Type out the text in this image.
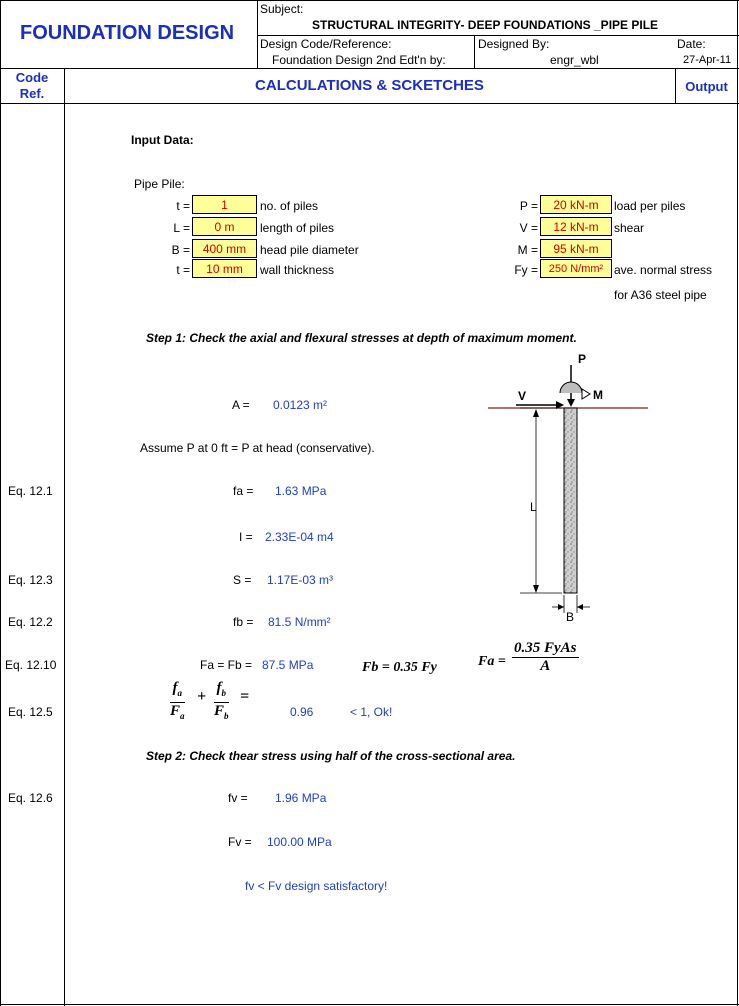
FOUNDATION DESIGN
Subject:
STRUCTURAL INTEGRITY- DEEP FOUNDATIONS _PIPE PILE
Design Code/Reference:
Foundation Design 2nd Edt'n by:
Designed By:
engr_wbl
Date:
27-Apr-11
Code
Ref.	CALCULATIONS & SCKETCHES	Output
Input Data:
Pipe Pile:
t =	1	no. of piles
L =	0 m	length of piles
B =	400 mm	head pile diameter
t =	10 mm	wall thickness
P =	20 kN-m	load per piles
V =	12 kN-m	shear
M =	95 kN-m
Fy = 250 N/mm² ave. normal stress
for A36 steel pipe
Step 1: Check the axial and flexural stresses at depth of maximum moment.
A = 0.0123 m²
Assume P at 0 ft = P at head (conservative).
Eq. 12.1	fa = 1.63 MPa
I = 2.33E-04 m4
Eq. 12.3	S = 1.17E-03 m³
Eq. 12.2	fb = 81.5 N/mm²
Eq. 12.10	Fa = Fb = 87.5 MPa	Fb = 0.35 Fy	Fa =
0.35 FyAs
A
$\frac{f_a}{F_a} + \frac{f_b}{F_b}$ =
Eq. 12.5	0.96	< 1, Ok!
P
M
V
L
B
Step 2: Check thear stress using half of the cross-sectional area.
Eq. 12.6	fv = 1.96 MPa
Fv = 100.00 MPa
fv < Fv design satisfactory!
